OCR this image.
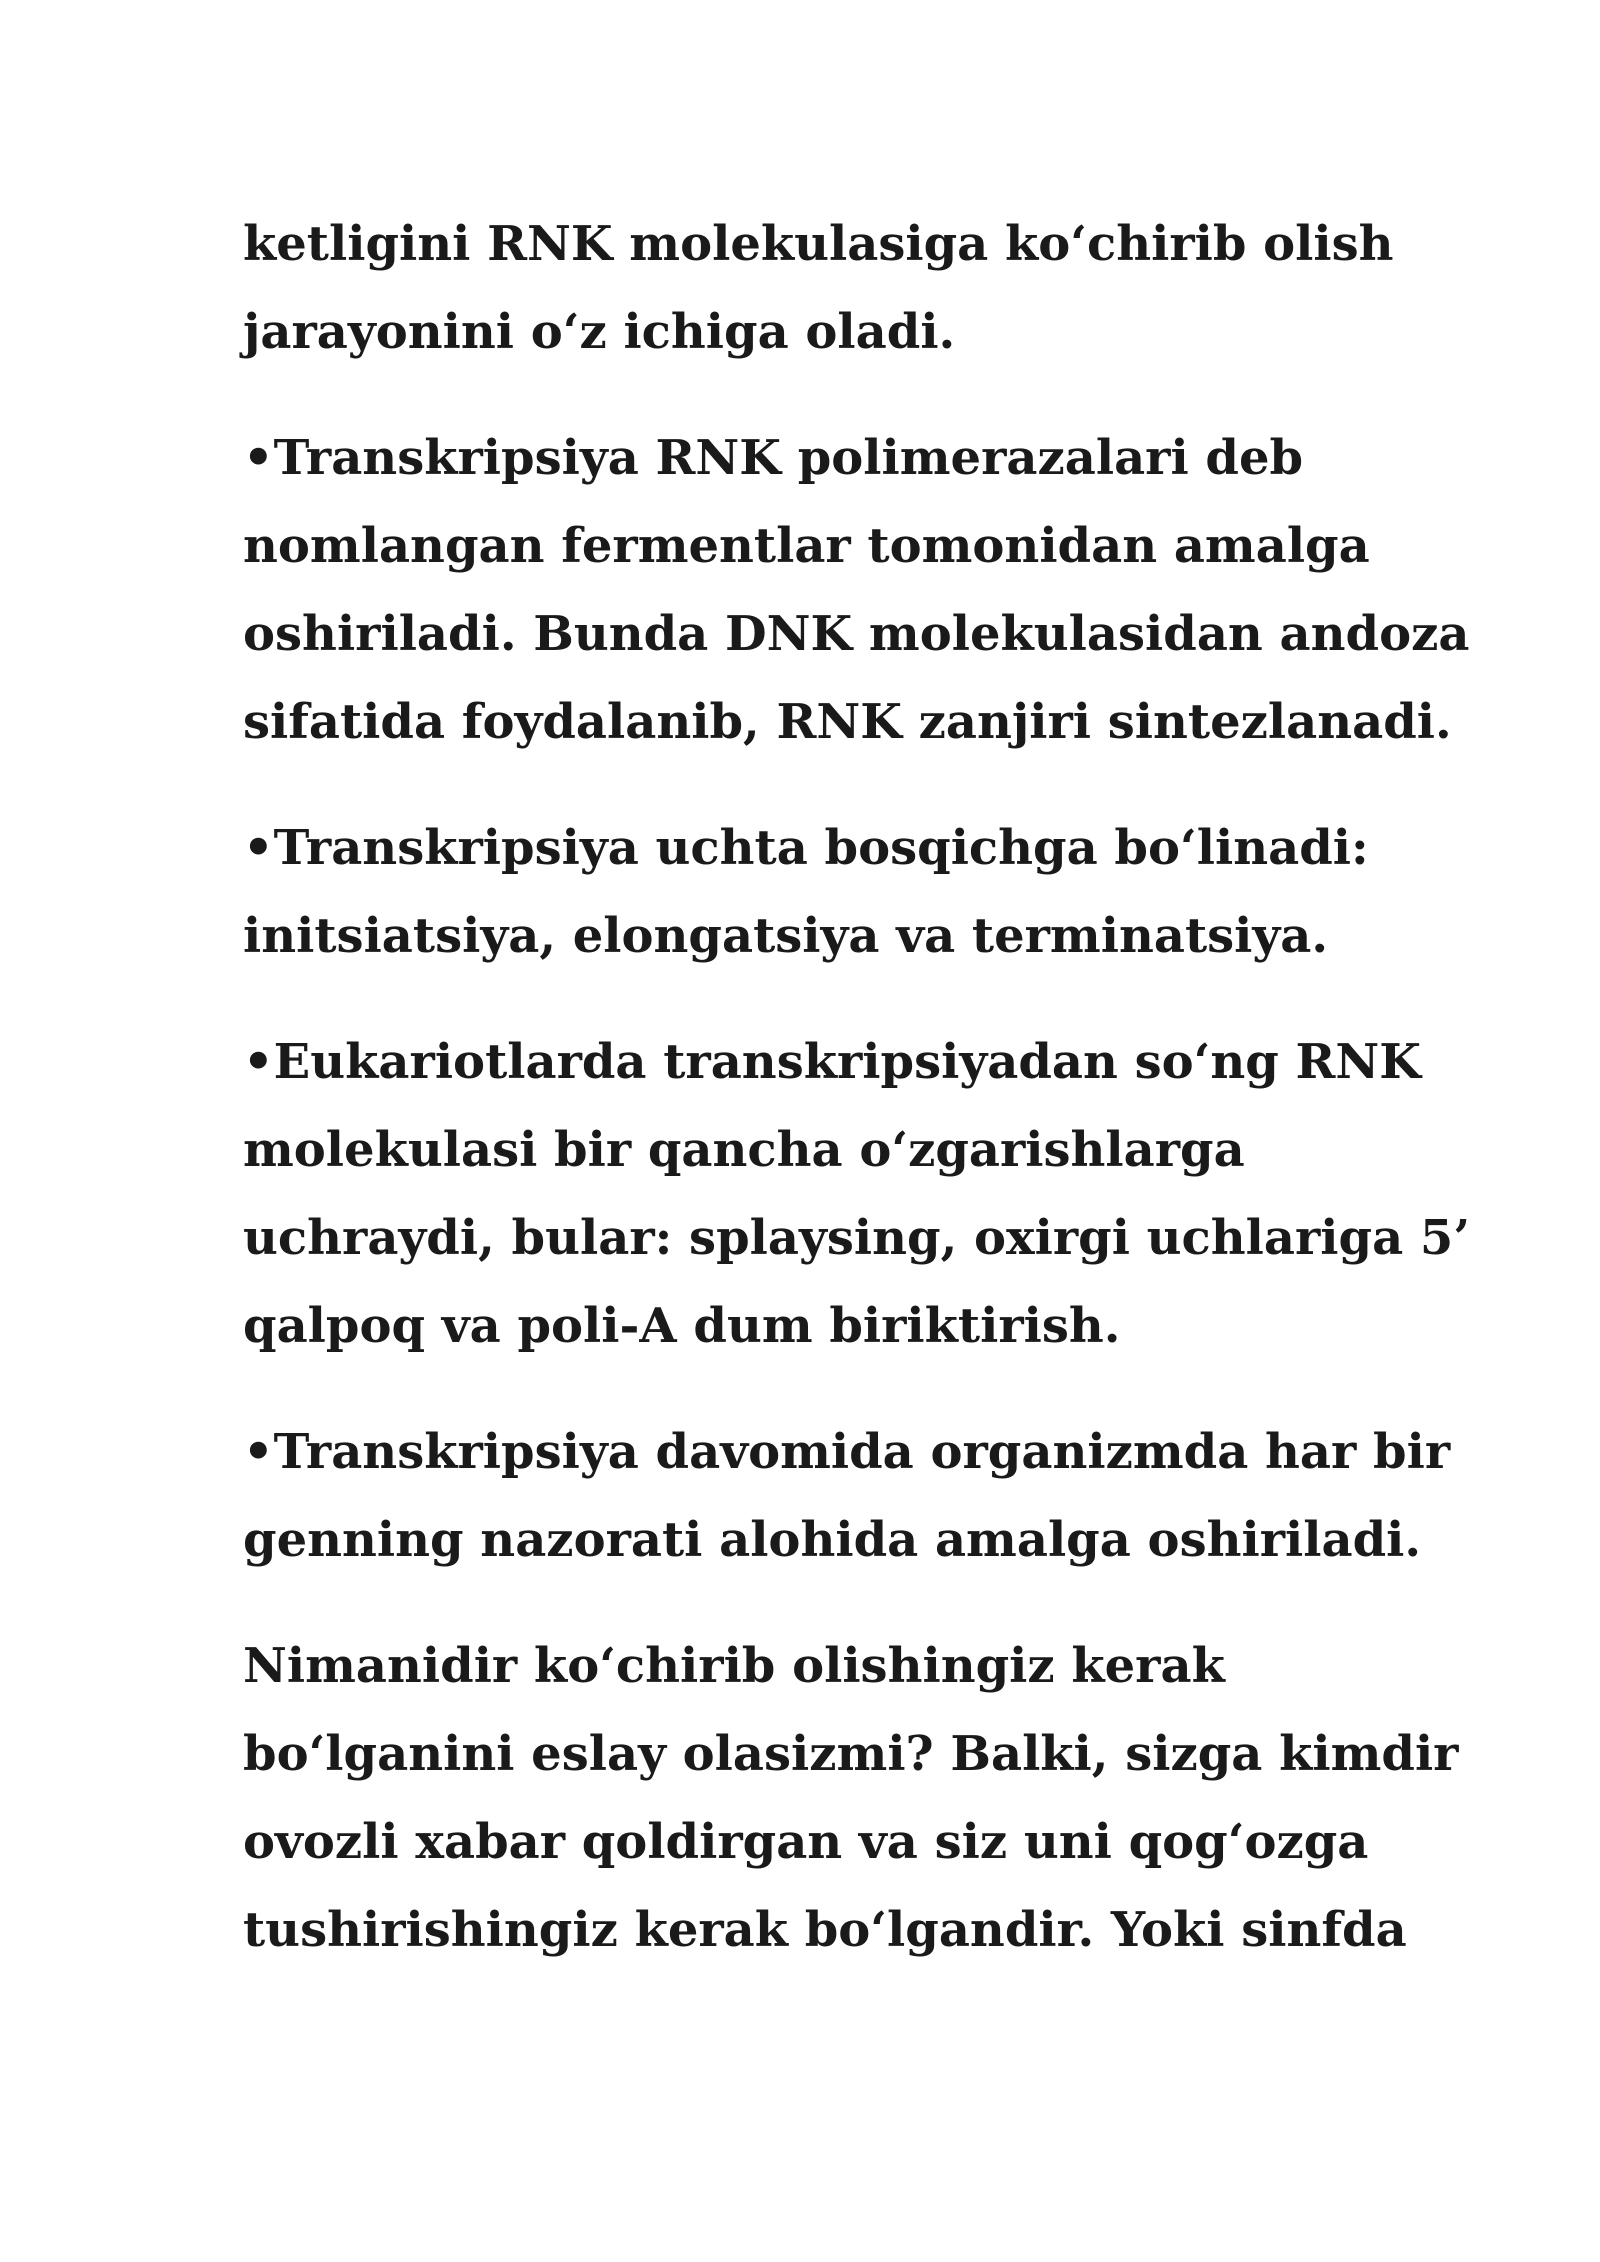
ketligini RNK molekulasiga ko‘chirib olish
jarayonini o‘z ichiga oladi.

•Transkripsiya RNK polimerazalari deb
nomlangan fermentlar tomonidan amalga
oshiriladi. Bunda DNK molekulasidan andoza
sifatida foydalanib, RNK zanjiri sintezlanadi.

•Transkripsiya uchta bosqichga bo‘linadi:
initsiatsiya, elongatsiya va terminatsiya.

•Eukariotlarda transkripsiyadan so‘ng RNK
molekulasi bir qancha o‘zgarishlarga
uchraydi, bular: splaysing, oxirgi uchlariga 5’
qalpoq va poli-A dum biriktirish.

•Transkripsiya davomida organizmda har bir
genning nazorati alohida amalga oshiriladi.

Nimanidir ko‘chirib olishingiz kerak
bo‘lganini eslay olasizmi? Balki, sizga kimdir
ovozli xabar qoldirgan va siz uni qog‘ozga
tushirishingiz kerak bo‘lgandir. Yoki sinfda
